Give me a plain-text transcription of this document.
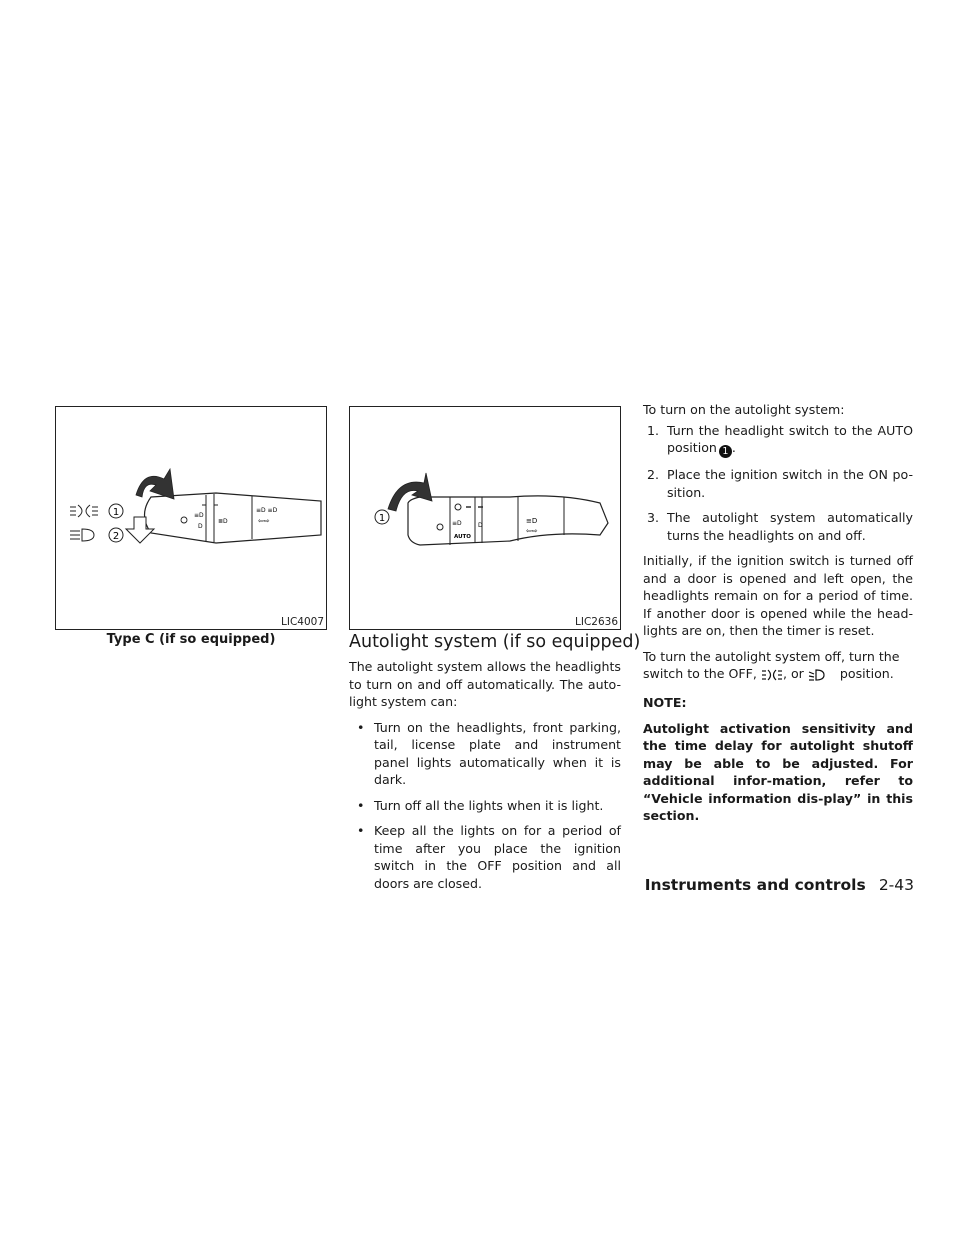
≡D
D
≣D
≡D ≡D
⇦⇨
1
2
LIC4007
Type C (if so equipped)
≡D	D
AUTO
≡D
⇦⇨
1
LIC2636
Autolight system (if so equipped)

The autolight system allows the headlights to turn on and off automatically. The auto-light system can:

• Turn on the headlights, front parking, tail, license plate and instrument panel lights automatically when it is dark.
• Turn off all the lights when it is light.
• Keep all the lights on for a period of time after you place the ignition switch in the OFF position and all doors are closed.

To turn on the autolight system:

1. Turn the headlight switch to the AUTO position 1 .
2. Place the ignition switch in the ON po-sition.
3. The autolight system automatically turns the headlights on and off.

Initially, if the ignition switch is turned off and a door is opened and left open, the headlights remain on for a period of time. If another door is opened while the head-lights are on, then the timer is reset.

To turn the autolight system off, turn the switch to the OFF, , or	position.

NOTE:

Autolight activation sensitivity and the time delay for autolight shutoff may be able to be adjusted. For additional infor-mation, refer to “Vehicle information dis-play” in this section.

Instruments and controls 2-43
